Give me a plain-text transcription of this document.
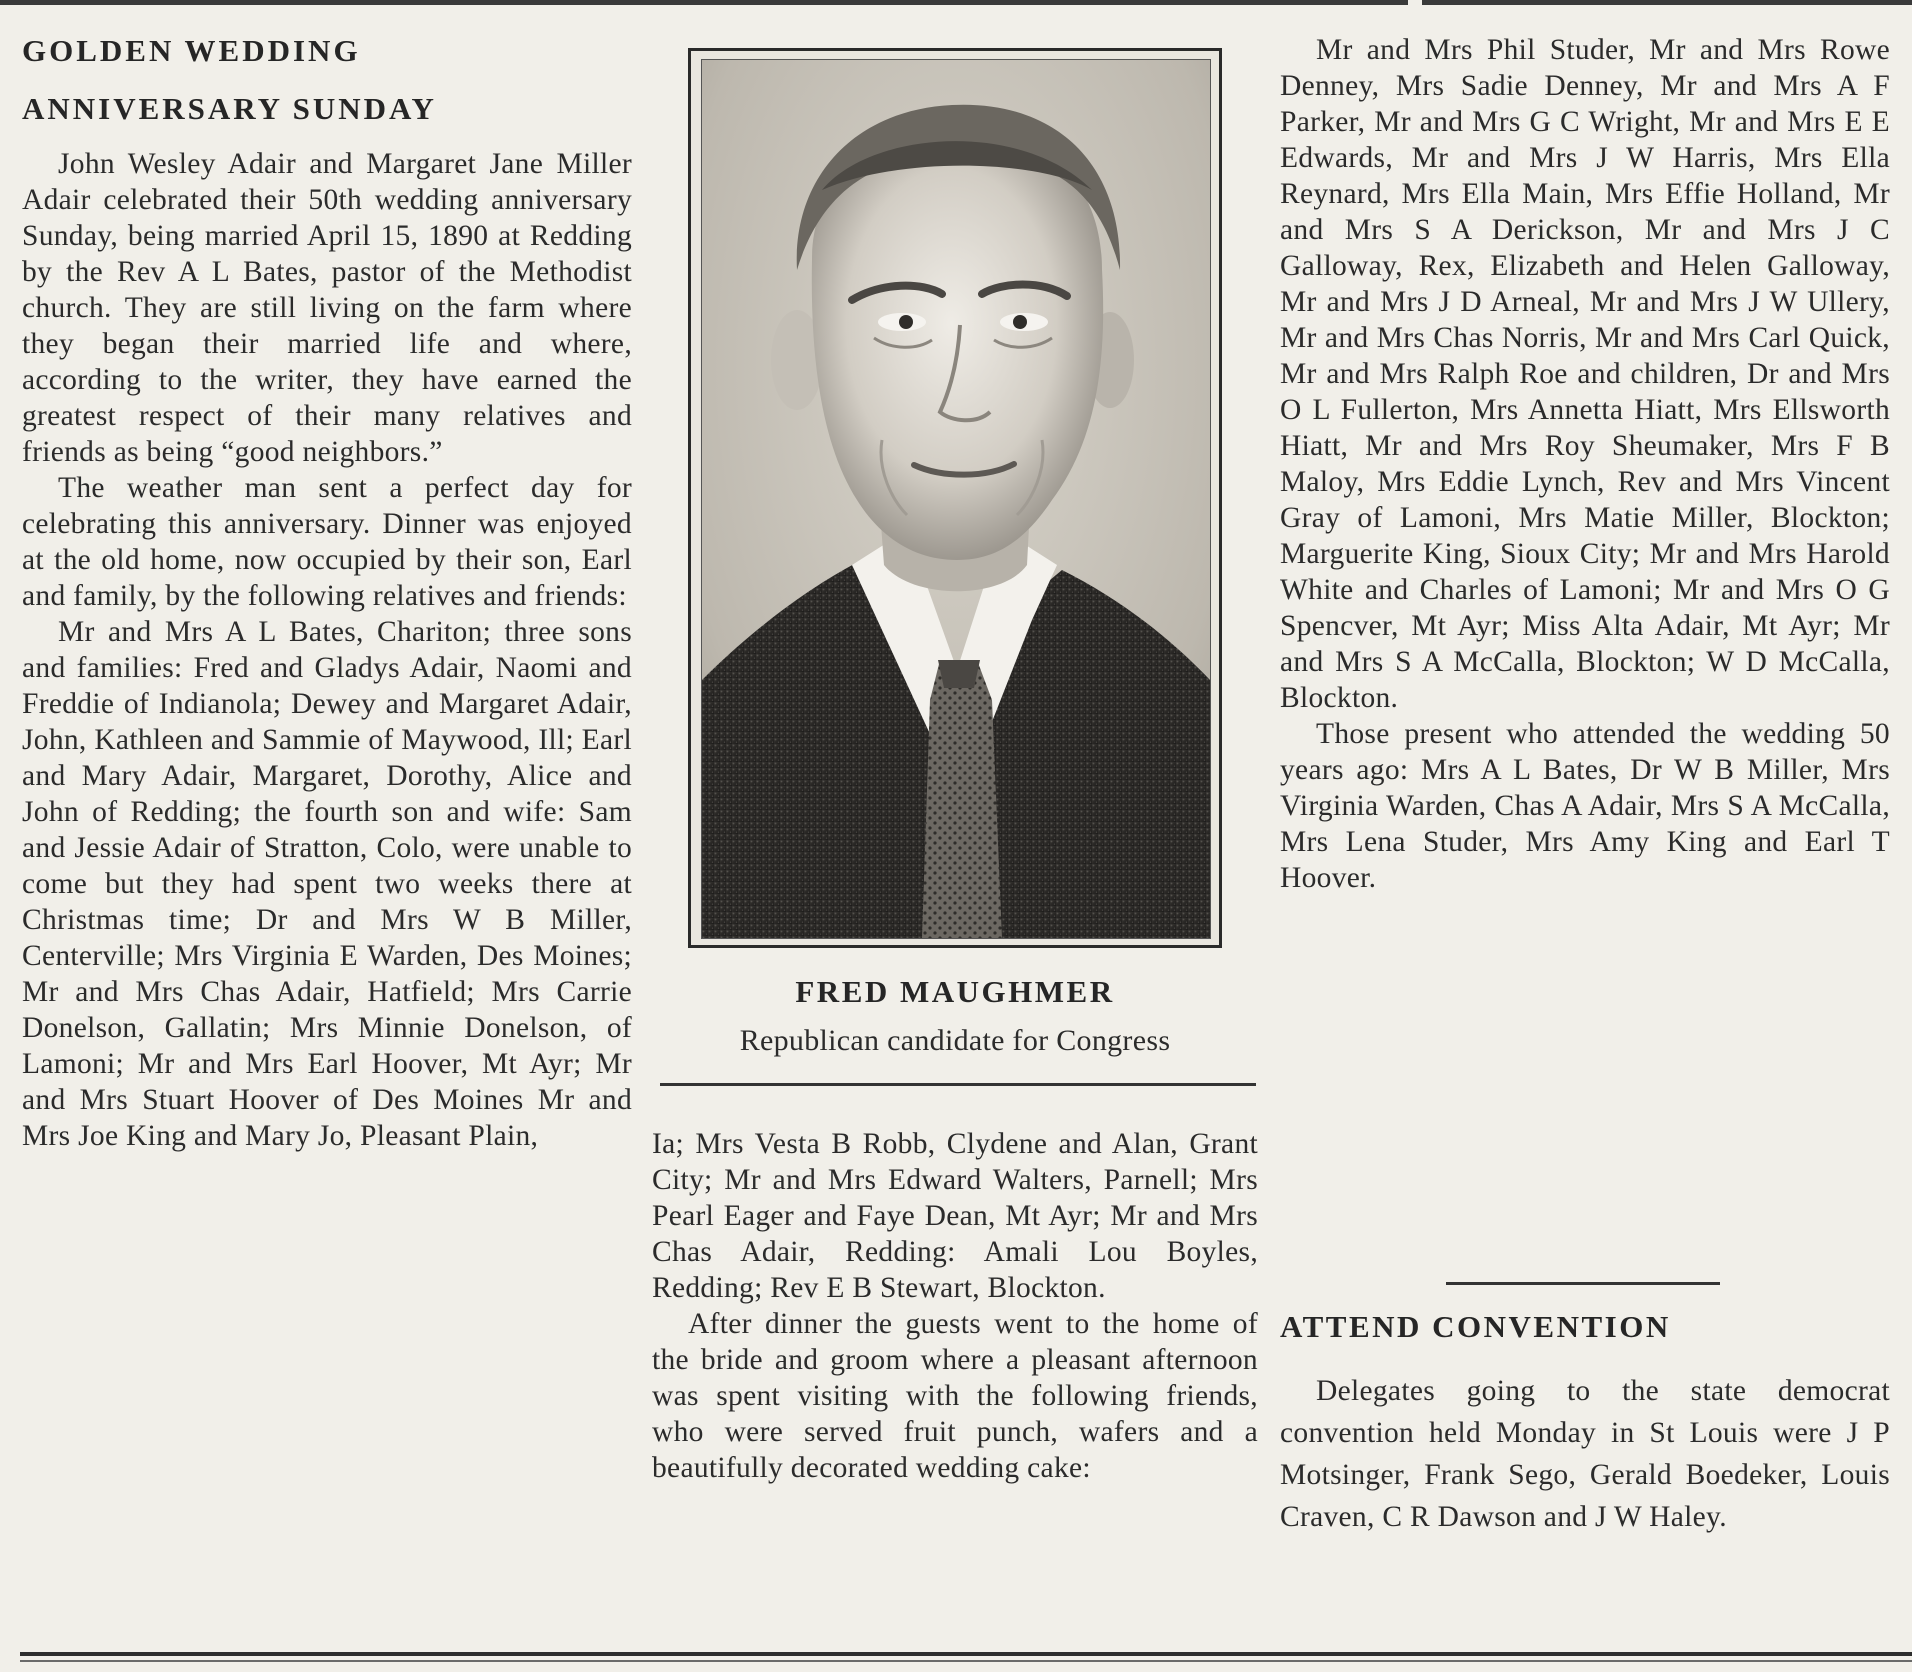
GOLDEN WEDDING
ANNIVERSARY SUNDAY

John Wesley Adair and Margaret Jane Miller Adair celebrated their 50th wedding anniversary Sunday, being married April 15, 1890 at Redding by the Rev A L Bates, pastor of the Methodist church. They are still living on the farm where they began their married life and where, according to the writer, they have earned the greatest respect of their many relatives and friends as being “good neighbors.”

The weather man sent a perfect day for celebrating this anniversary. Dinner was enjoyed at the old home, now occupied by their son, Earl and family, by the following relatives and friends:

Mr and Mrs A L Bates, Chariton; three sons and families: Fred and Gladys Adair, Naomi and Freddie of Indianola; Dewey and Margaret Adair, John, Kathleen and Sammie of Maywood, Ill; Earl and Mary Adair, Margaret, Dorothy, Alice and John of Redding; the fourth son and wife: Sam and Jessie Adair of Stratton, Colo, were unable to come but they had spent two weeks there at Christmas time; Dr and Mrs W B Miller, Centerville; Mrs Virginia E Warden, Des Moines; Mr and Mrs Chas Adair, Hatfield; Mrs Carrie Donelson, Gallatin; Mrs Minnie Donelson, of Lamoni; Mr and Mrs Earl Hoover, Mt Ayr; Mr and Mrs Stuart Hoover of Des Moines Mr and Mrs Joe King and Mary Jo, Pleasant Plain,

FRED MAUGHMER
Republican candidate for Congress

Ia; Mrs Vesta B Robb, Clydene and Alan, Grant City; Mr and Mrs Edward Walters, Parnell; Mrs Pearl Eager and Faye Dean, Mt Ayr; Mr and Mrs Chas Adair, Redding: Amali Lou Boyles, Redding; Rev E B Stewart, Blockton.

After dinner the guests went to the home of the bride and groom where a pleasant afternoon was spent visiting with the following friends, who were served fruit punch, wafers and a beautifully decorated wedding cake:

Mr and Mrs Phil Studer, Mr and Mrs Rowe Denney, Mrs Sadie Denney, Mr and Mrs A F Parker, Mr and Mrs G C Wright, Mr and Mrs E E Edwards, Mr and Mrs J W Harris, Mrs Ella Reynard, Mrs Ella Main, Mrs Effie Holland, Mr and Mrs S A Derickson, Mr and Mrs J C Galloway, Rex, Elizabeth and Helen Galloway, Mr and Mrs J D Arneal, Mr and Mrs J W Ullery, Mr and Mrs Chas Norris, Mr and Mrs Carl Quick, Mr and Mrs Ralph Roe and children, Dr and Mrs O L Fullerton, Mrs Annetta Hiatt, Mrs Ellsworth Hiatt, Mr and Mrs Roy Sheumaker, Mrs F B Maloy, Mrs Eddie Lynch, Rev and Mrs Vincent Gray of Lamoni, Mrs Matie Miller, Blockton; Marguerite King, Sioux City; Mr and Mrs Harold White and Charles of Lamoni; Mr and Mrs O G Spencver, Mt Ayr; Miss Alta Adair, Mt Ayr; Mr and Mrs S A McCalla, Blockton; W D McCalla, Blockton.

Those present who attended the wedding 50 years ago: Mrs A L Bates, Dr W B Miller, Mrs Virginia Warden, Chas A Adair, Mrs S A McCalla, Mrs Lena Studer, Mrs Amy King and Earl T Hoover.

ATTEND CONVENTION

Delegates going to the state democrat convention held Monday in St Louis were J P Motsinger, Frank Sego, Gerald Boedeker, Louis Craven, C R Dawson and J W Haley.
